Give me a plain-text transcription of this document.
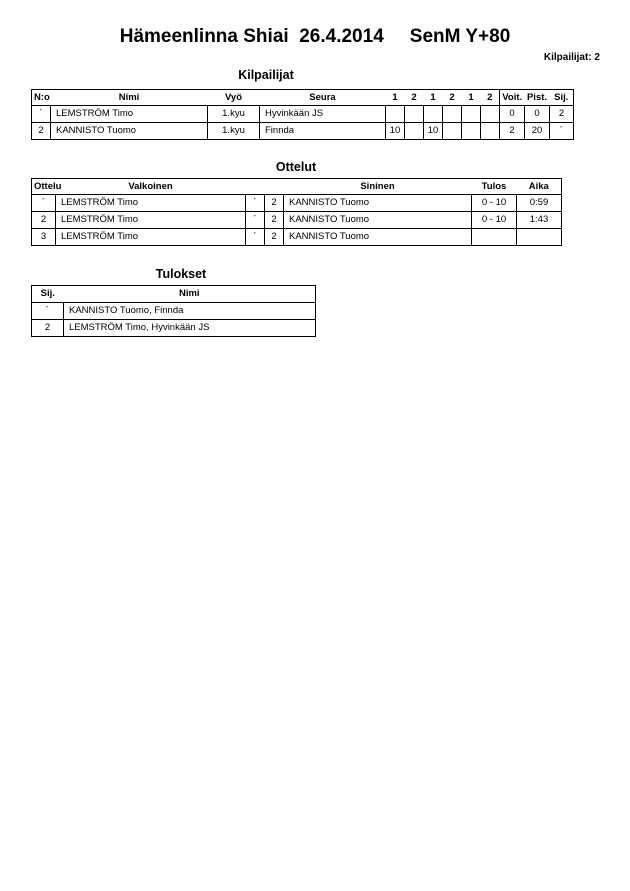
Hämeenlinna Shiai 26.4.2014 SenM Y+80
Kilpailijat: 2
Kilpailijat
N:o	Nimi	Vyö	Seura	1	2	1	2	1	2	Voit.	Pist.	Sij.
´	LEMSTRÖM Timo	1.kyu	Hyvinkään JS							0	0	2
2	KANNISTO Tuomo	1.kyu	Finnda	10		10				2	20	´
Ottelut
Ottelu	Valkoinen			Sininen	Tulos	Aika
´	LEMSTRÖM Timo	´	2	KANNISTO Tuomo	0 - 10	0:59
2	LEMSTRÖM Timo	´	2	KANNISTO Tuomo	0 - 10	1:43
3	LEMSTRÖM Timo	´	2	KANNISTO Tuomo		
Tulokset
Sij.	Nimi
´	KANNISTO Tuomo, Finnda
2	LEMSTRÖM Timo, Hyvinkään JS
